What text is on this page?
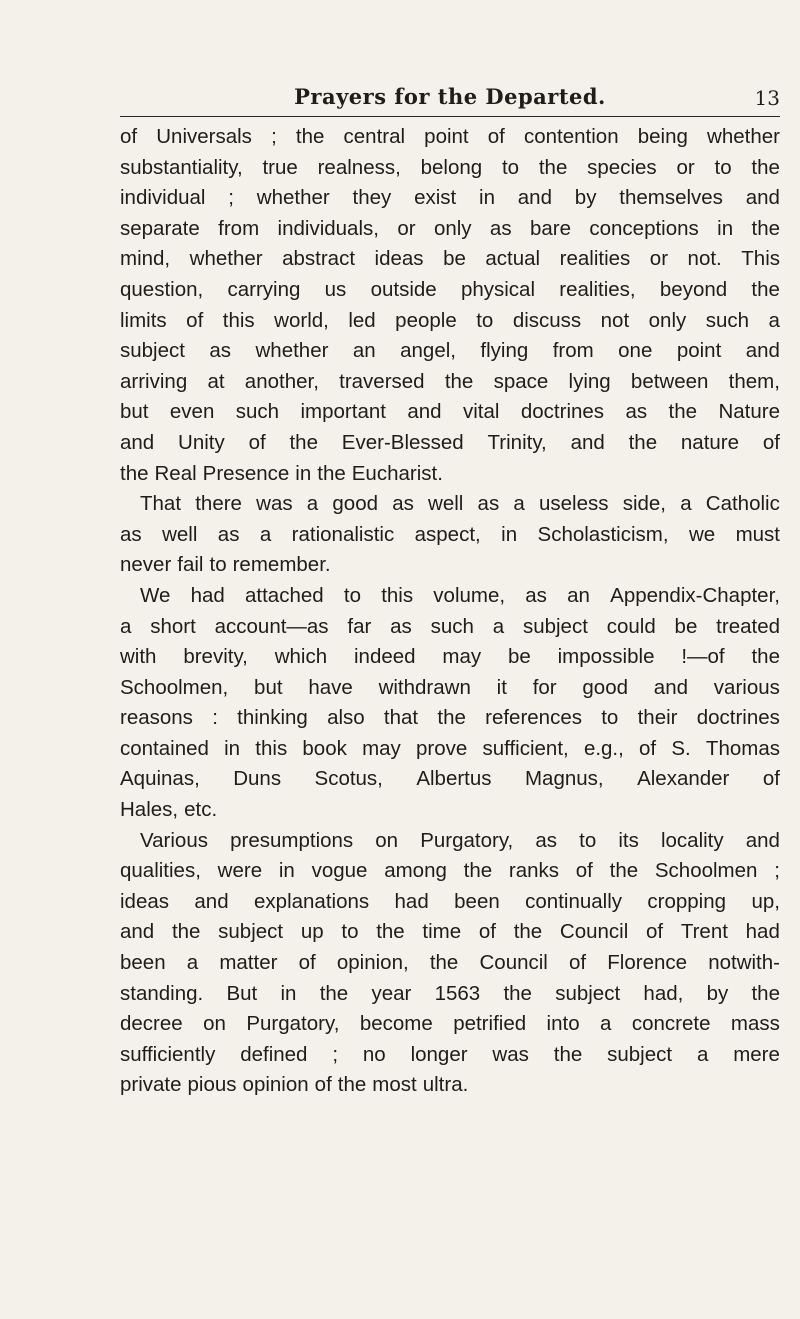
Prayers for the Departed.	13
of Universals ; the central point of contention being whether
substantiality, true realness, belong to the species or to the
individual ; whether they exist in and by themselves and
separate from individuals, or only as bare conceptions in the
mind, whether abstract ideas be actual realities or not. This
question, carrying us outside physical realities, beyond the
limits of this world, led people to discuss not only such a
subject as whether an angel, flying from one point and
arriving at another, traversed the space lying between them,
but even such important and vital doctrines as the Nature
and Unity of the Ever-Blessed Trinity, and the nature of
the Real Presence in the Eucharist.
That there was a good as well as a useless side, a Catholic
as well as a rationalistic aspect, in Scholasticism, we must
never fail to remember.
We had attached to this volume, as an Appendix-Chapter,
a short account—as far as such a subject could be treated
with brevity, which indeed may be impossible !—of the
Schoolmen, but have withdrawn it for good and various
reasons : thinking also that the references to their doctrines
contained in this book may prove sufficient, e.g., of S. Thomas
Aquinas, Duns Scotus, Albertus Magnus, Alexander of
Hales, etc.
Various presumptions on Purgatory, as to its locality and
qualities, were in vogue among the ranks of the Schoolmen ;
ideas and explanations had been continually cropping up,
and the subject up to the time of the Council of Trent had
been a matter of opinion, the Council of Florence notwith-
standing. But in the year 1563 the subject had, by the
decree on Purgatory, become petrified into a concrete mass
sufficiently defined ; no longer was the subject a mere
private pious opinion of the most ultra.
